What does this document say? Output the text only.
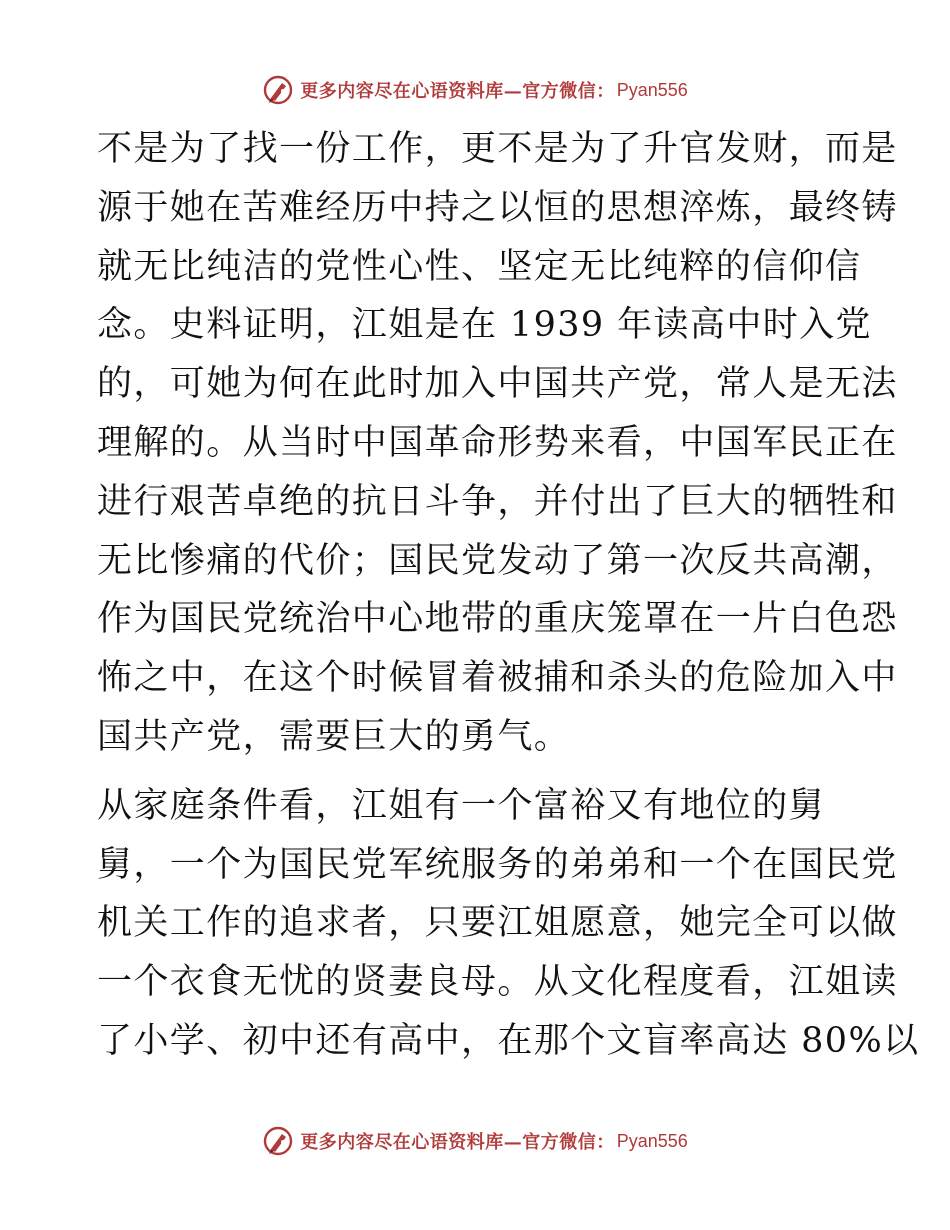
更多内容尽在心语资料库—官方微信： Pyan556

不是为了找一份工作，更不是为了升官发财，而是
源于她在苦难经历中持之以恒的思想淬炼，最终铸
就无比纯洁的党性心性、坚定无比纯粹的信仰信
念。史料证明，江姐是在 1939 年读高中时入党
的，可她为何在此时加入中国共产党，常人是无法
理解的。从当时中国革命形势来看，中国军民正在
进行艰苦卓绝的抗日斗争，并付出了巨大的牺牲和
无比惨痛的代价；国民党发动了第一次反共高潮，
作为国民党统治中心地带的重庆笼罩在一片白色恐
怖之中，在这个时候冒着被捕和杀头的危险加入中
国共产党，需要巨大的勇气。

从家庭条件看，江姐有一个富裕又有地位的舅
舅，一个为国民党军统服务的弟弟和一个在国民党
机关工作的追求者，只要江姐愿意，她完全可以做
一个衣食无忧的贤妻良母。从文化程度看，江姐读
了小学、初中还有高中，在那个文盲率高达 80%以

更多内容尽在心语资料库—官方微信： Pyan556
